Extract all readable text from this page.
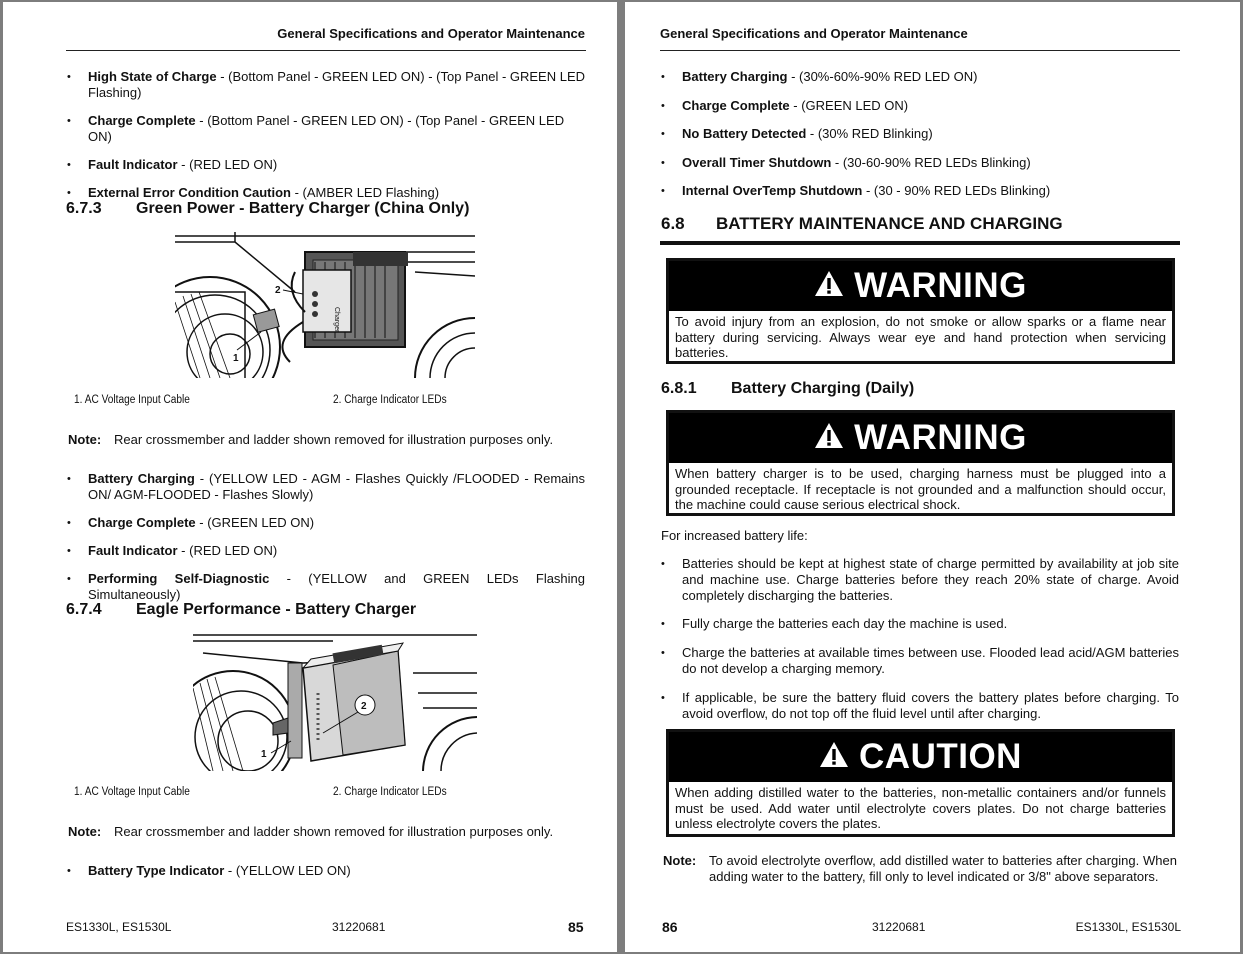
General Specifications and Operator Maintenance
• High State of Charge - (Bottom Panel - GREEN LED ON) - (Top Panel - GREEN LED Flashing)
• Charge Complete - (Bottom Panel - GREEN LED ON) - (Top Panel - GREEN LED ON)
• Fault Indicator - (RED LED ON)
• External Error Condition Caution - (AMBER LED Flashing)
6.7.3 Green Power - Battery Charger (China Only)
Charger
2
1
1. AC Voltage Input Cable	2. Charge Indicator LEDs
Note: Rear crossmember and ladder shown removed for illustration purposes only.
• Battery Charging - (YELLOW LED - AGM - Flashes Quickly /FLOODED - Remains ON/ AGM-FLOODED - Flashes Slowly)
• Charge Complete - (GREEN LED ON)
• Fault Indicator - (RED LED ON)
• Performing Self-Diagnostic - (YELLOW and GREEN LEDs Flashing Simultaneously)
6.7.4 Eagle Performance - Battery Charger
2
1
1. AC Voltage Input Cable	2. Charge Indicator LEDs
Note: Rear crossmember and ladder shown removed for illustration purposes only.
• Battery Type Indicator - (YELLOW LED ON)
ES1330L, ES1530L	31220681	85
General Specifications and Operator Maintenance
• Battery Charging - (30%-60%-90% RED LED ON)
• Charge Complete - (GREEN LED ON)
• No Battery Detected - (30% RED Blinking)
• Overall Timer Shutdown - (30-60-90% RED LEDs Blinking)
• Internal OverTemp Shutdown - (30 - 90% RED LEDs Blinking)
6.8 BATTERY MAINTENANCE AND CHARGING
WARNING
To avoid injury from an explosion, do not smoke or allow sparks or a flame near battery during servicing. Always wear eye and hand protection when servicing batteries.
6.8.1 Battery Charging (Daily)
WARNING
When battery charger is to be used, charging harness must be plugged into a grounded receptacle. If receptacle is not grounded and a malfunction should occur, the machine could cause serious electrical shock.
For increased battery life:
• Batteries should be kept at highest state of charge permitted by availability at job site and machine use. Charge batteries before they reach 20% state of charge. Avoid completely discharging the batteries.
• Fully charge the batteries each day the machine is used.
• Charge the batteries at available times between use. Flooded lead acid/AGM batteries do not develop a charging memory.
• If applicable, be sure the battery fluid covers the battery plates before charging. To avoid overflow, do not top off the fluid level until after charging.
CAUTION
When adding distilled water to the batteries, non-metallic containers and/or funnels must be used. Add water until electrolyte covers plates. Do not charge batteries unless electrolyte covers the plates.
Note: To avoid electrolyte overflow, add distilled water to batteries after charging. When adding water to the battery, fill only to level indicated or 3/8" above separators.
86	31220681	ES1330L, ES1530L
